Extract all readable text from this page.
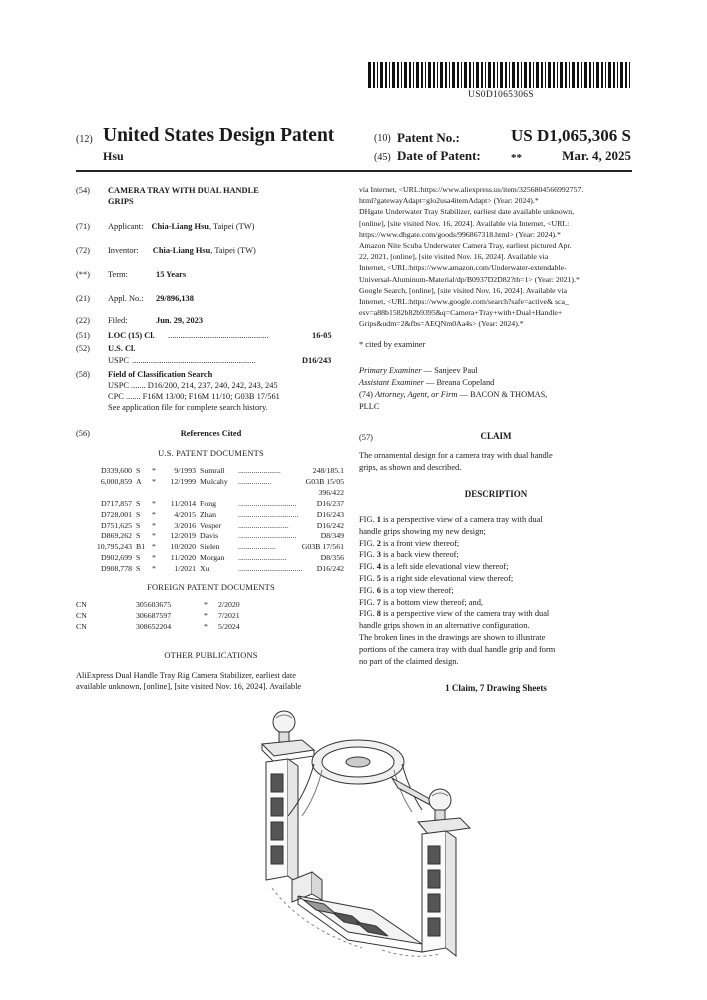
US0D1065306S
(12) United States Design Patent
Hsu
(10) Patent No.:	US D1,065,306 S
(45) Date of Patent:	**	Mar. 4, 2025
(54) CAMERA TRAY WITH DUAL HANDLE
GRIPS
(71) Applicant: Chia-Liang Hsu, Taipei (TW)
(72) Inventor: Chia-Liang Hsu, Taipei (TW)
(**) Term:	15 Years
(21) Appl. No.: 29/896,138
(22) Filed:	Jun. 29, 2023
(51) LOC (15) Cl. ................................................	16-05
(52) U.S. Cl.
USPC ...........................................................	D16/243
(58) Field of Classification Search
USPC ....... D16/200, 214, 237, 240, 242, 243, 245
CPC ....... F16M 13/00; F16M 11/10; G03B 17/561
See application file for complete search history.
(56)	References Cited
U.S. PATENT DOCUMENTS
D339,600 S	*	9/1993 Sumrall	......................	248/185.1
6,000,859 A	*	12/1999 Mulcahy	.................	G03B 15/05
396/422
D717,857 S	*	11/2014 Fong	..............................	D16/237
D728,001 S	*	4/2015 Zhan	...............................	D16/243
D751,625 S	*	3/2016 Vesper	..........................	D16/242
D869,262 S	*	12/2019 Davis	..............................	D8/349
10,795,243 B1 *	10/2020 Sielen	...................	G03B 17/561
D902,699 S	*	11/2020 Morgan	.........................	D8/356
D908,778 S	*	1/2021 Xu	.................................	D16/242
FOREIGN PATENT DOCUMENTS
CN	305603675	* 2/2020
CN	306687597	* 7/2021
CN	308652204	* 5/2024
OTHER PUBLICATIONS
AliExpress Dual Handle Tray Rig Camera Stabilizer, earliest date
available unknown, [online], [site visited Nov. 16, 2024]. Available
via Internet, <URL:https://www.aliexpress.us/item/3256804566992757.
html?gatewayAdapt=glo2usa4itemAdapt> (Year: 2024).*
DHgate Underwater Tray Stabilizer, earliest date available unknown,
[online], [site visited Nov. 16, 2024]. Available via Internet, <URL:
https://www.dhgate.com/goods/996867318.html> (Year: 2024).*
Amazon Nite Scuba Underwater Camera Tray, earliest pictured Apr.
22, 2021, [online], [site visited Nov. 16, 2024]. Available via
Internet, <URL:https://www.amazon.com/Underwater-extendable-
Universal-Aluminum-Material/dp/B0937D2D82?th=1> (Year: 2021).*
Google Search, [online], [site visited Nov. 16, 2024]. Available via
Internet, <URL:https://www.google.com/search?safe=active& sca_
esv=a88b1582b82b9395&q=Camera+Tray+with+Dual+Handle+
Grips&udm=2&fbs=AEQNm0Aa4s> (Year: 2024).*
* cited by examiner
Primary Examiner — Sanjeev Paul
Assistant Examiner — Breana Copeland
(74) Attorney, Agent, or Firm — BACON & THOMAS,
PLLC
(57)	CLAIM
The ornamental design for a camera tray with dual handle
grips, as shown and described.
DESCRIPTION
FIG. 1 is a perspective view of a camera tray with dual
handle grips showing my new design;
FIG. 2 is a front view thereof;
FIG. 3 is a back view thereof;
FIG. 4 is a left side elevational view thereof;
FIG. 5 is a right side elevational view thereof;
FIG. 6 is a top view thereof;
FIG. 7 is a bottom view thereof; and,
FIG. 8 is a perspective view of the camera tray with dual
handle grips shown in an alternative configuration.
The broken lines in the drawings are shown to illustrate
portions of the camera tray with dual handle grip and form
no part of the claimed design.
1 Claim, 7 Drawing Sheets
